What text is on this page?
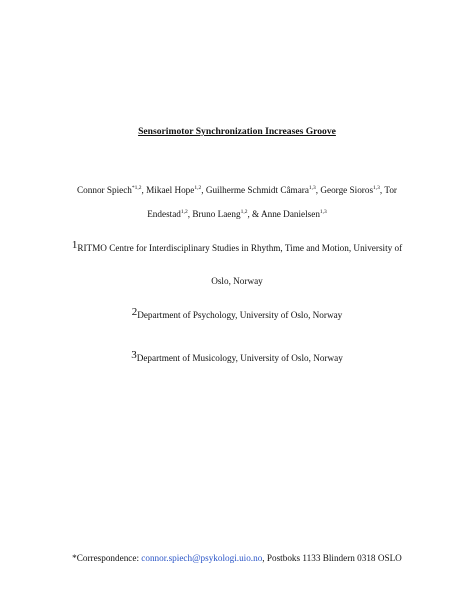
Sensorimotor Synchronization Increases Groove
Connor Spiech$^{*1,2}$, Mikael Hope$^{1,2}$, Guilherme Schmidt Câmara$^{1,3}$, George Sioros$^{1,3}$, Tor
Endestad$^{1,2}$, Bruno Laeng$^{1,2}$, & Anne Danielsen$^{1,3}$
1RITMO Centre for Interdisciplinary Studies in Rhythm, Time and Motion, University of
Oslo, Norway
2Department of Psychology, University of Oslo, Norway
3Department of Musicology, University of Oslo, Norway
*Correspondence: connor.spiech@psykologi.uio.no, Postboks 1133 Blindern 0318 OSLO
